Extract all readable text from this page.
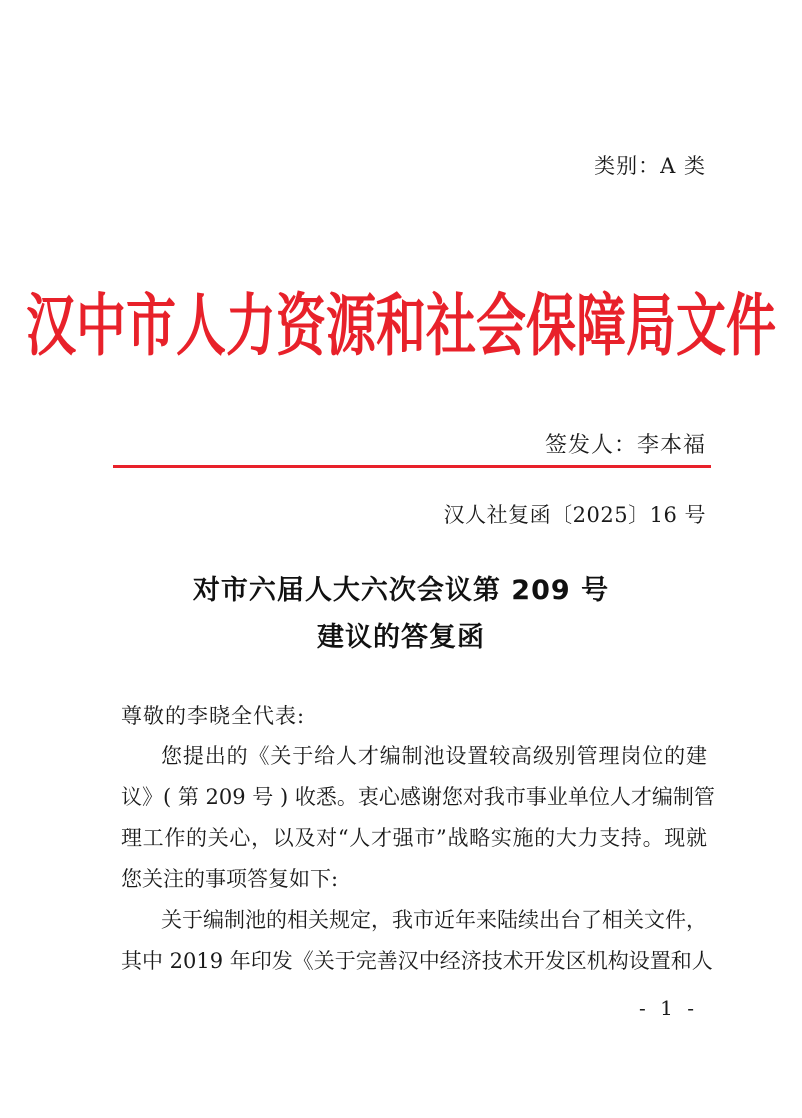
类别：A 类
汉中市人力资源和社会保障局文件
签发人：李本福
汉人社复函〔2025〕16 号
对市六届人大六次会议第 209 号
建议的答复函
尊敬的李晓全代表:
您提出的《关于给人才编制池设置较高级别管理岗位的建
议》( 第 209 号 ) 收悉。衷心感谢您对我市事业单位人才编制管
理工作的关心，以及对“人才强市”战略实施的大力支持。现就
您关注的事项答复如下:
关于编制池的相关规定，我市近年来陆续出台了相关文件，
其中 2019 年印发《关于完善汉中经济技术开发区机构设置和人
- 1 -
